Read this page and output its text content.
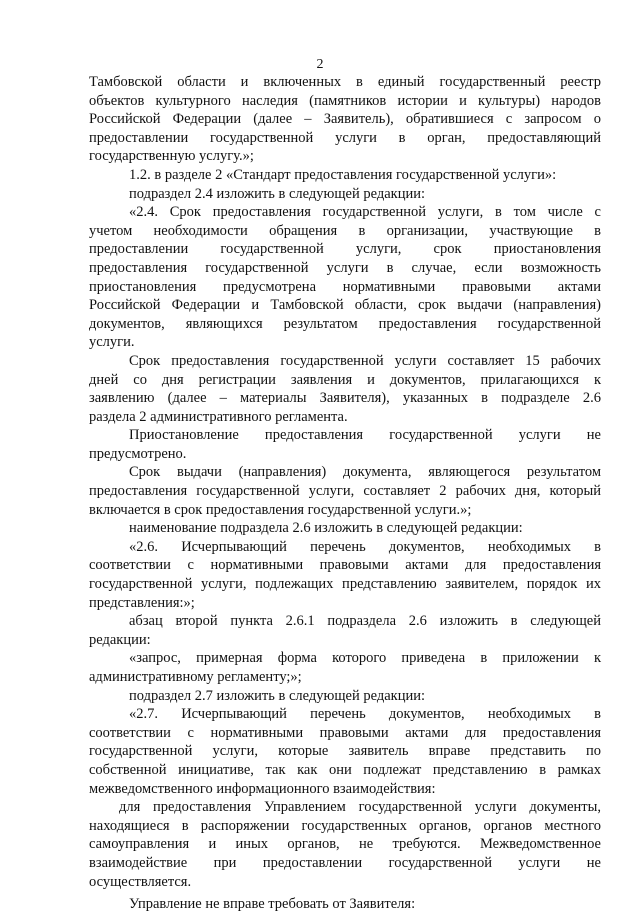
2

Тамбовской области и включенных в единый государственный реестр

объектов культурного наследия (памятников истории и культуры) народов

Российской Федерации (далее – Заявитель), обратившиеся с запросом о

предоставлении государственной услуги в орган, предоставляющий

государственную услугу.»;

1.2. в разделе 2 «Стандарт предоставления государственной услуги»:

подраздел 2.4 изложить в следующей редакции:

«2.4. Срок предоставления государственной услуги, в том числе с

учетом необходимости обращения в организации, участвующие в

предоставлении государственной услуги, срок приостановления

предоставления государственной услуги в случае, если возможность

приостановления предусмотрена нормативными правовыми актами

Российской Федерации и Тамбовской области, срок выдачи (направления)

документов, являющихся результатом предоставления государственной

услуги.

Срок предоставления государственной услуги составляет 15 рабочих

дней со дня регистрации заявления и документов, прилагающихся к

заявлению (далее – материалы Заявителя), указанных в подразделе 2.6

раздела 2 административного регламента.

Приостановление предоставления государственной услуги не

предусмотрено.

Срок выдачи (направления) документа, являющегося результатом

предоставления государственной услуги, составляет 2 рабочих дня, который

включается в срок предоставления государственной услуги.»;

наименование подраздела 2.6 изложить в следующей редакции:

«2.6. Исчерпывающий перечень документов, необходимых в

соответствии с нормативными правовыми актами для предоставления

государственной услуги, подлежащих представлению заявителем, порядок их

представления:»;

абзац второй пункта 2.6.1 подраздела 2.6 изложить в следующей

редакции:

«запрос, примерная форма которого приведена в приложении к

административному регламенту;»;

подраздел 2.7 изложить в следующей редакции:

«2.7. Исчерпывающий перечень документов, необходимых в

соответствии с нормативными правовыми актами для предоставления

государственной услуги, которые заявитель вправе представить по

собственной инициативе, так как они подлежат представлению в рамках

межведомственного информационного взаимодействия:

для предоставления Управлением государственной услуги документы,

находящиеся в распоряжении государственных органов, органов местного

самоуправления и иных органов, не требуются. Межведомственное

взаимодействие при предоставлении государственной услуги не

осуществляется.

Управление не вправе требовать от Заявителя:
